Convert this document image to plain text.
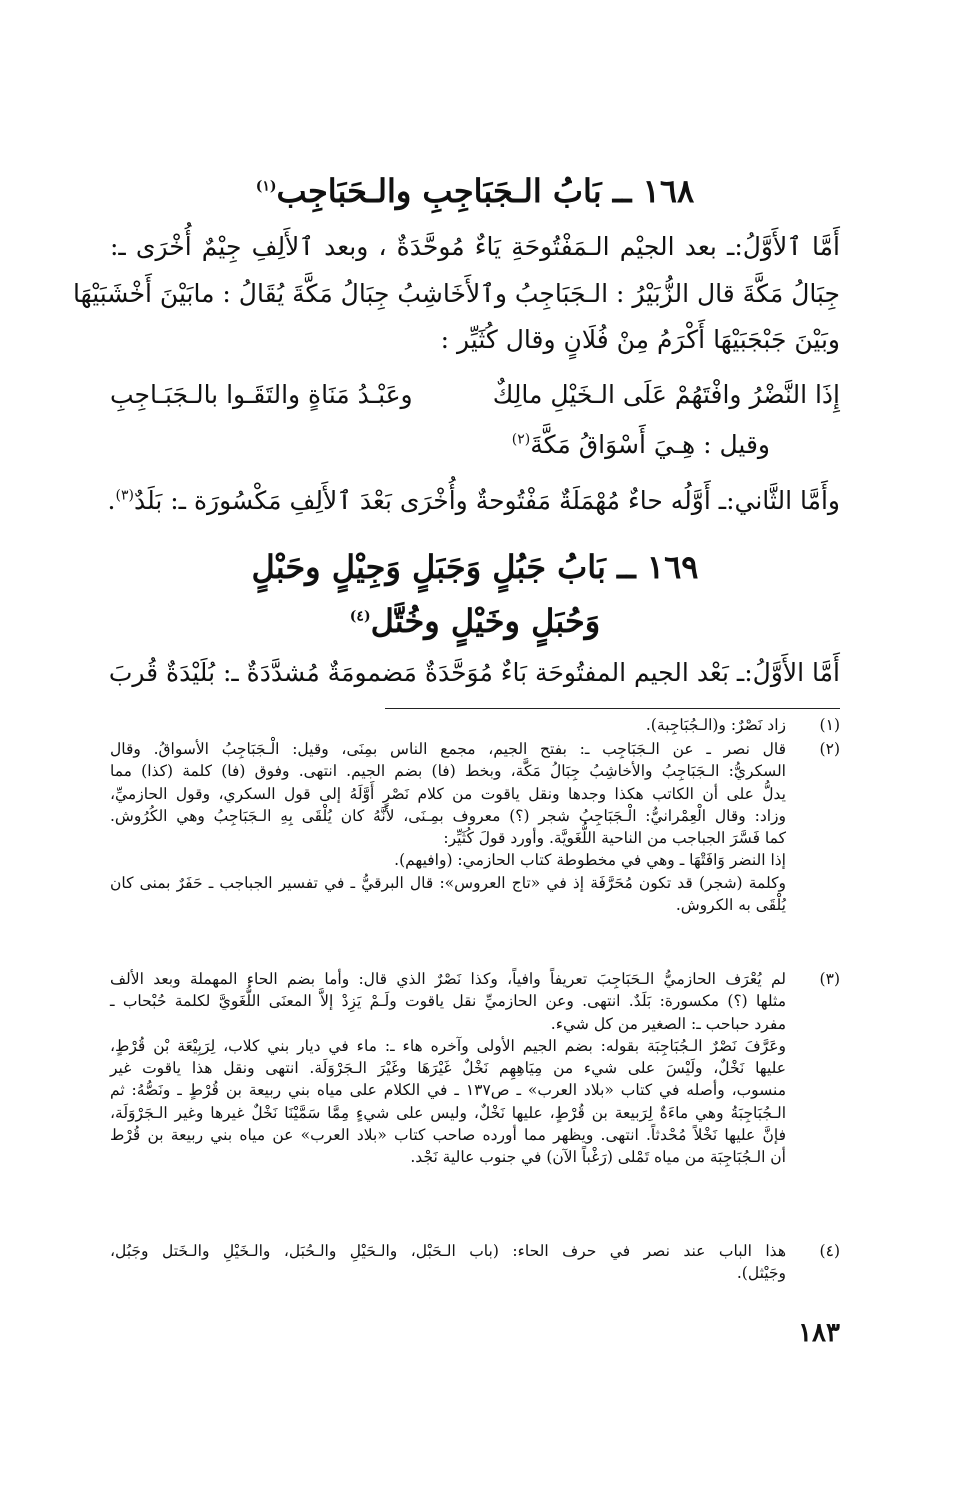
١٦٨ ــ بَابُ الـجَبَاجِبِ والـحَبَاجِب$^{(١)}$
أَمَّا ٱلأَوَّلُ:ـ بعد الجيْم الـمَفْتُوحَةِ يَاءٌ مُوحَّدَةٌ ، وبعد ٱلأَلِفِ جِيْمٌ أُخْرَى ـ:
جِبَالُ مَكَّةَ قال الزُّبَيْرُ : الـجَبَاجِبُ وٱلأَخَاشِبُ جِبَالُ مَكَّةَ يُقَالُ : مابَيْنَ أَخْشَبَيْهَا
وبَيْنَ جَبْجَبَيْهَا أَكْرَمُ مِنْ فُلَانٍ وقال كُثَيِّر :
إِذَا النَّضْرُ وافْتَهُمْ عَلَى الـخَيْلِ مالِكٌ
وعَبْـدُ مَنَاةٍ والتَقَـوا بالـجَبَـاجِبِ
وقيل : هِـيَ أَسْوَاقُ مَكَّةَ$^{(٢)}$
وأَمَّا الثَّاني:ـ أَوَّلُه حاءٌ مُهْمَلَةٌ مَفْتُوحةٌ وأُخْرَى بَعْدَ ٱلأَلِفِ مَكْسُورَة ـ: بَلَدٌ$^{(٣)}$.
١٦٩ ــ بَابُ جَبُلٍ وَجَبَلٍ وَجِيْلٍ وحَبْلٍ
وَحُبَلٍ وخَيْلٍ وخُتَّل$^{(٤)}$
أَمَّا الأَوَّلُ:ـ بَعْد الجيم المفتُوحَة بَاءٌ مُوَحَّدَةٌ مَضمومَةٌ مُشدَّدَةٌ ـ: بُلَيْدَةٌ قُربَ
(١)
زاد نَصْرٌ: و(الـجُبَاجِبة).
(٢)
قال نصر ـ عن الـجَبَاجِب ـ: بفتح الجيم، مجمع الناس بمِنَى، وقيل: الْـجَبَاجِبُ الأسواقُ. وقال
السكريُّ: الـجَبَاجِبُ والأخاشِبُ جِبَالُ مَكَّة، وبخط (فا) بضم الجيم. انتهى. وفوق (فا) كلمة (كذا) مما
يدلُّ على أن الكاتب هكذا وجدها ونقل ياقوت من كلام نَصْرٍ أَوَّلَهُ إلى قول السكري، وقول الحازميِّ،
وزاد: وقال الْعِمْرانيُّ: الْـجَبَاجِبُ شجر (؟) معروف بمِـنَى، لأنَّهُ كان يُلْقَى بِهِ الـجَبَاجِبُ وهي الكُرُوش.
كما فَسَّرَ الجباجب من الناحية اللُّغَويَّة. وأورد قولَ كُثَيِّر:
إذا النضر وَافَتْهَا ـ وهي في مخطوطة كتاب الحازمي: (وافيهم).
وكلمة (شجر) قد تكون مُحَرَّفَة إذ في «تاج العروس»: قال البرقيُّ ـ في تفسير الجباجب ـ حَفَرٌ بمنى كان
يُلْقَى به الكروش.
(٣)
لم يُعْرَف الحازميُّ الـحَبَاجِبَ تعريفاً وافياً، وكذا نَصْرٌ الذي قال: وأما بضم الحاء المهملة وبعد الألف
مثلها (؟) مكسورة: بَلَدٌ. انتهى. وعن الحازميِّ نقل ياقوت ولَـمْ يَزِدْ إلاَّ المعنَى اللُّغَويَّ لكلمة حُبْحاب ـ
مفرد حباحب ـ: الصغير من كل شيء.
وعَرَّفَ نَصْرٌ الـجُبَاجِبَة بقوله: بضم الجيم الأولى وآخره هاء ـ: ماء في ديار بني كلاب، لِرَبِيْعَة بْن قُرْطٍ،
عليها نَخْلٌ، ولَيْسَ على شيء من مِيَاهِهِم نَخْلٌ غَيْرَهَا وغَيْرَ الـجَرْوَلَة. انتهى ونقل هذا ياقوت غير
منسوب، وأصله في كتاب «بلاد العرب» ـ ص١٣٧ ـ في الكلام على مياه بني ربيعة بن قُرْطٍ ـ ونَصُّهُ: ثم
الـجُبَاجِبَةُ وهي ماءَةٌ لِرَبيعة بن قُرْطٍ، عليها نَخْلٌ، وليس على شيءٍ مِمَّا سَمَّيْنَا نَخْلٌ غيرها وغير الـجَرْوَلَة،
فإنَّ عليها نَخْلاً مُحْدثاً. انتهى. ويظهر مما أورده صاحب كتاب «بلاد العرب» عن مياه بني ربيعة بن قُرْط
أن الـجُبَاجِبَة من مياه تَمْلى (رَغْباً الآن) في جنوب عالية نَجْد.
(٤)
هذا الباب عند نصر في حرف الحاء: (باب الـحَبْل، والـحَيْلِ والـحُبَل، والـخَيْلِ والـخَتل وجَبُل،
وجَيْثل).
١٨٣
